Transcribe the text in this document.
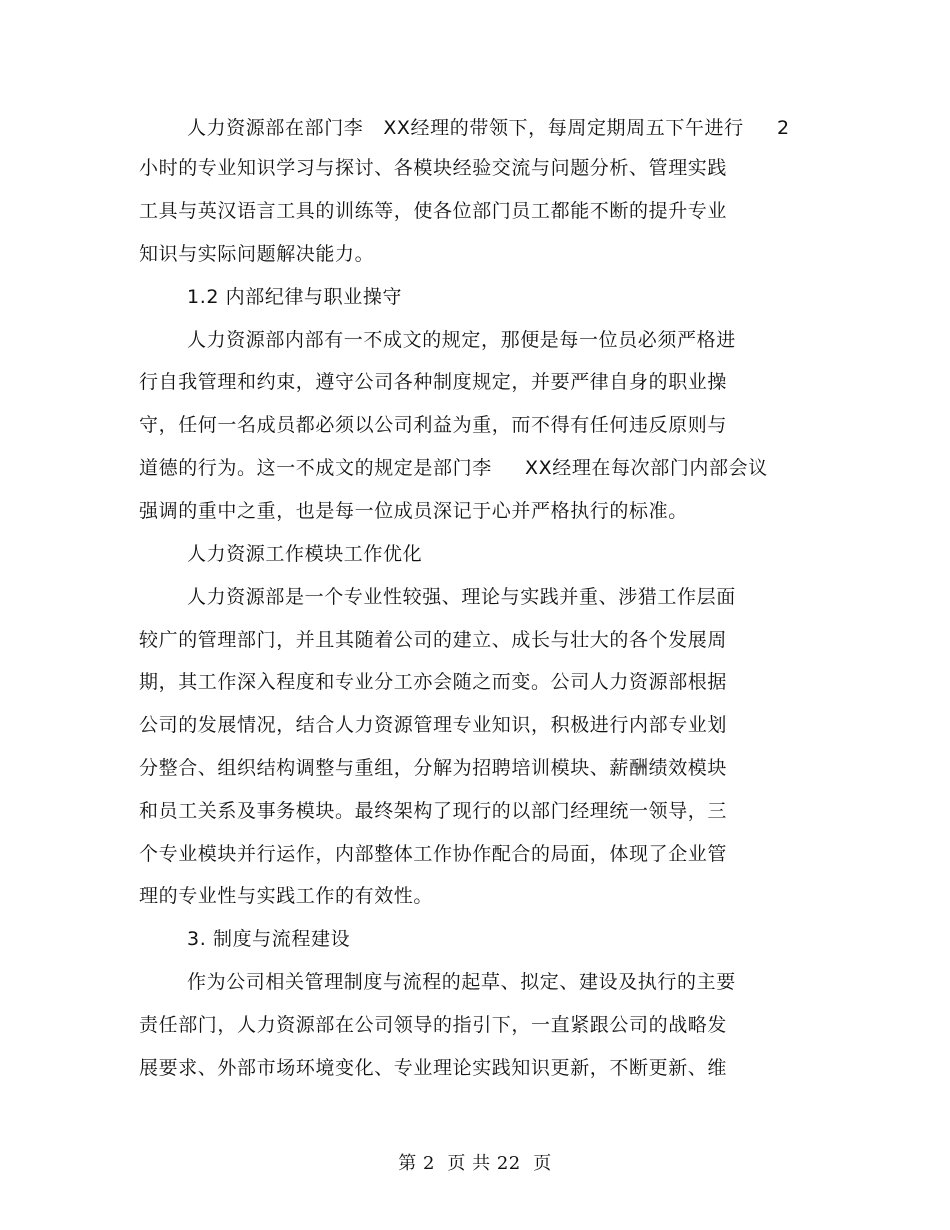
人力资源部在部门李   XX经理的带领下，每周定期周五下午进行     2
小时的专业知识学习与探讨、各模块经验交流与问题分析、管理实践
工具与英汉语言工具的训练等，使各位部门员工都能不断的提升专业
知识与实际问题解决能力。
1.2 内部纪律与职业操守
人力资源部内部有一不成文的规定，那便是每一位员必须严格进
行自我管理和约束，遵守公司各种制度规定，并要严律自身的职业操
守，任何一名成员都必须以公司利益为重，而不得有任何违反原则与
道德的行为。这一不成文的规定是部门李     XX经理在每次部门内部会议
强调的重中之重，也是每一位成员深记于心并严格执行的标准。
人力资源工作模块工作优化
人力资源部是一个专业性较强、理论与实践并重、涉猎工作层面
较广的管理部门，并且其随着公司的建立、成长与壮大的各个发展周
期，其工作深入程度和专业分工亦会随之而变。公司人力资源部根据
公司的发展情况，结合人力资源管理专业知识，积极进行内部专业划
分整合、组织结构调整与重组，分解为招聘培训模块、薪酬绩效模块
和员工关系及事务模块。最终架构了现行的以部门经理统一领导，三
个专业模块并行运作，内部整体工作协作配合的局面，体现了企业管
理的专业性与实践工作的有效性。
3. 制度与流程建设
作为公司相关管理制度与流程的起草、拟定、建设及执行的主要
责任部门，人力资源部在公司领导的指引下，一直紧跟公司的战略发
展要求、外部市场环境变化、专业理论实践知识更新，不断更新、维
第 2  页 共 22  页
